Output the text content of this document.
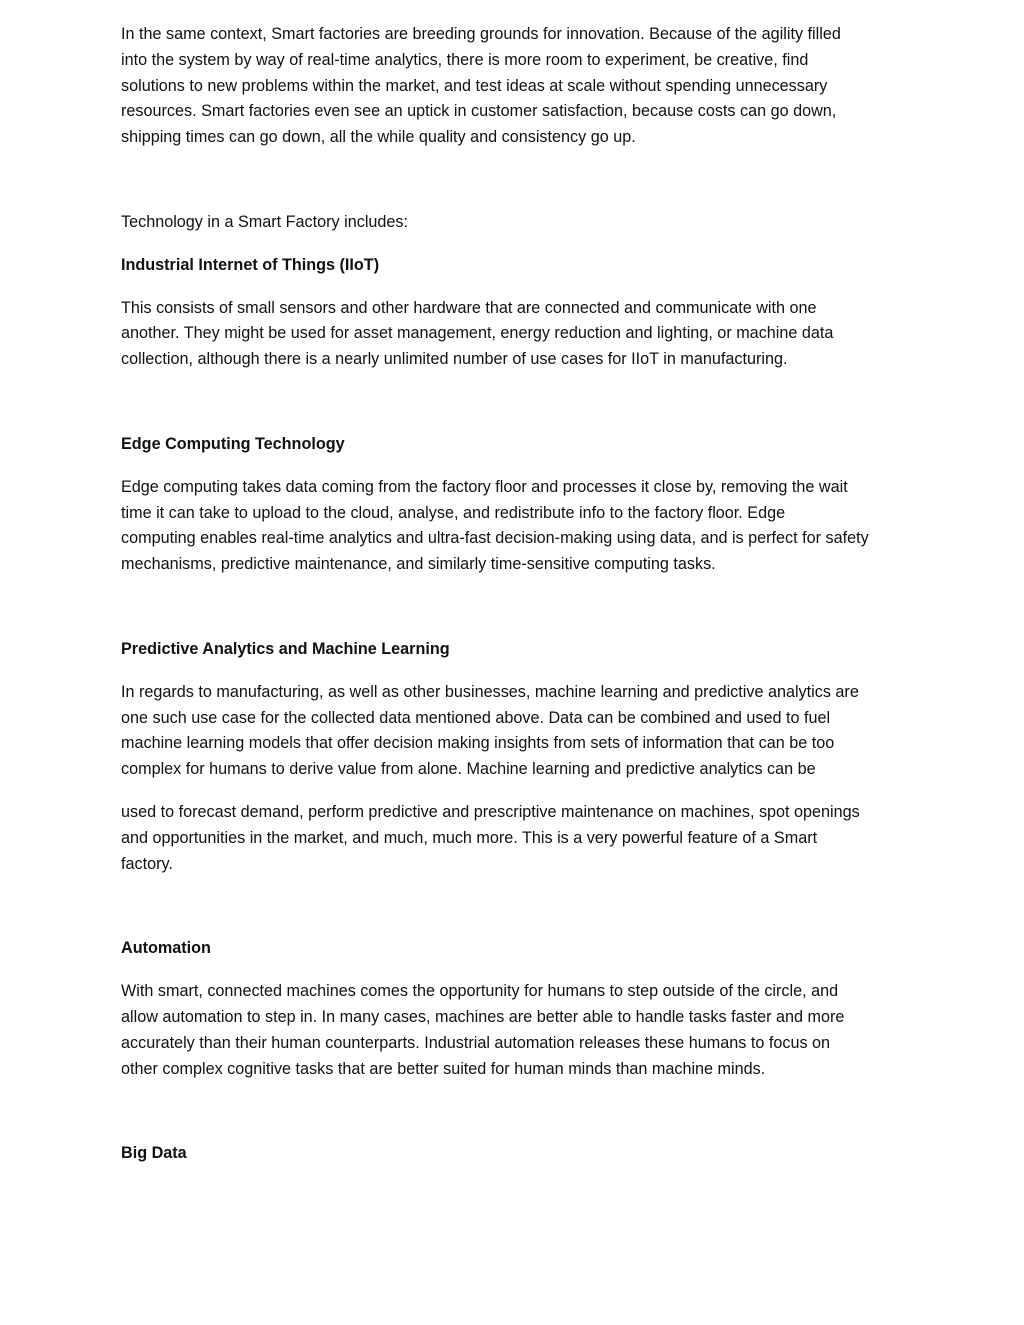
In the same context, Smart factories are breeding grounds for innovation. Because of the agility filled
into the system by way of real-time analytics, there is more room to experiment, be creative, find
solutions to new problems within the market, and test ideas at scale without spending unnecessary
resources. Smart factories even see an uptick in customer satisfaction, because costs can go down,
shipping times can go down, all the while quality and consistency go up.

Technology in a Smart Factory includes:

Industrial Internet of Things (IIoT)

This consists of small sensors and other hardware that are connected and communicate with one
another. They might be used for asset management, energy reduction and lighting, or machine data
collection, although there is a nearly unlimited number of use cases for IIoT in manufacturing.

Edge Computing Technology

Edge computing takes data coming from the factory floor and processes it close by, removing the wait
time it can take to upload to the cloud, analyse, and redistribute info to the factory floor. Edge
computing enables real-time analytics and ultra-fast decision-making using data, and is perfect for safety
mechanisms, predictive maintenance, and similarly time-sensitive computing tasks.

Predictive Analytics and Machine Learning

In regards to manufacturing, as well as other businesses, machine learning and predictive analytics are
one such use case for the collected data mentioned above. Data can be combined and used to fuel
machine learning models that offer decision making insights from sets of information that can be too
complex for humans to derive value from alone. Machine learning and predictive analytics can be

used to forecast demand, perform predictive and prescriptive maintenance on machines, spot openings
and opportunities in the market, and much, much more. This is a very powerful feature of a Smart
factory.

Automation

With smart, connected machines comes the opportunity for humans to step outside of the circle, and
allow automation to step in. In many cases, machines are better able to handle tasks faster and more
accurately than their human counterparts. Industrial automation releases these humans to focus on
other complex cognitive tasks that are better suited for human minds than machine minds.

Big Data
